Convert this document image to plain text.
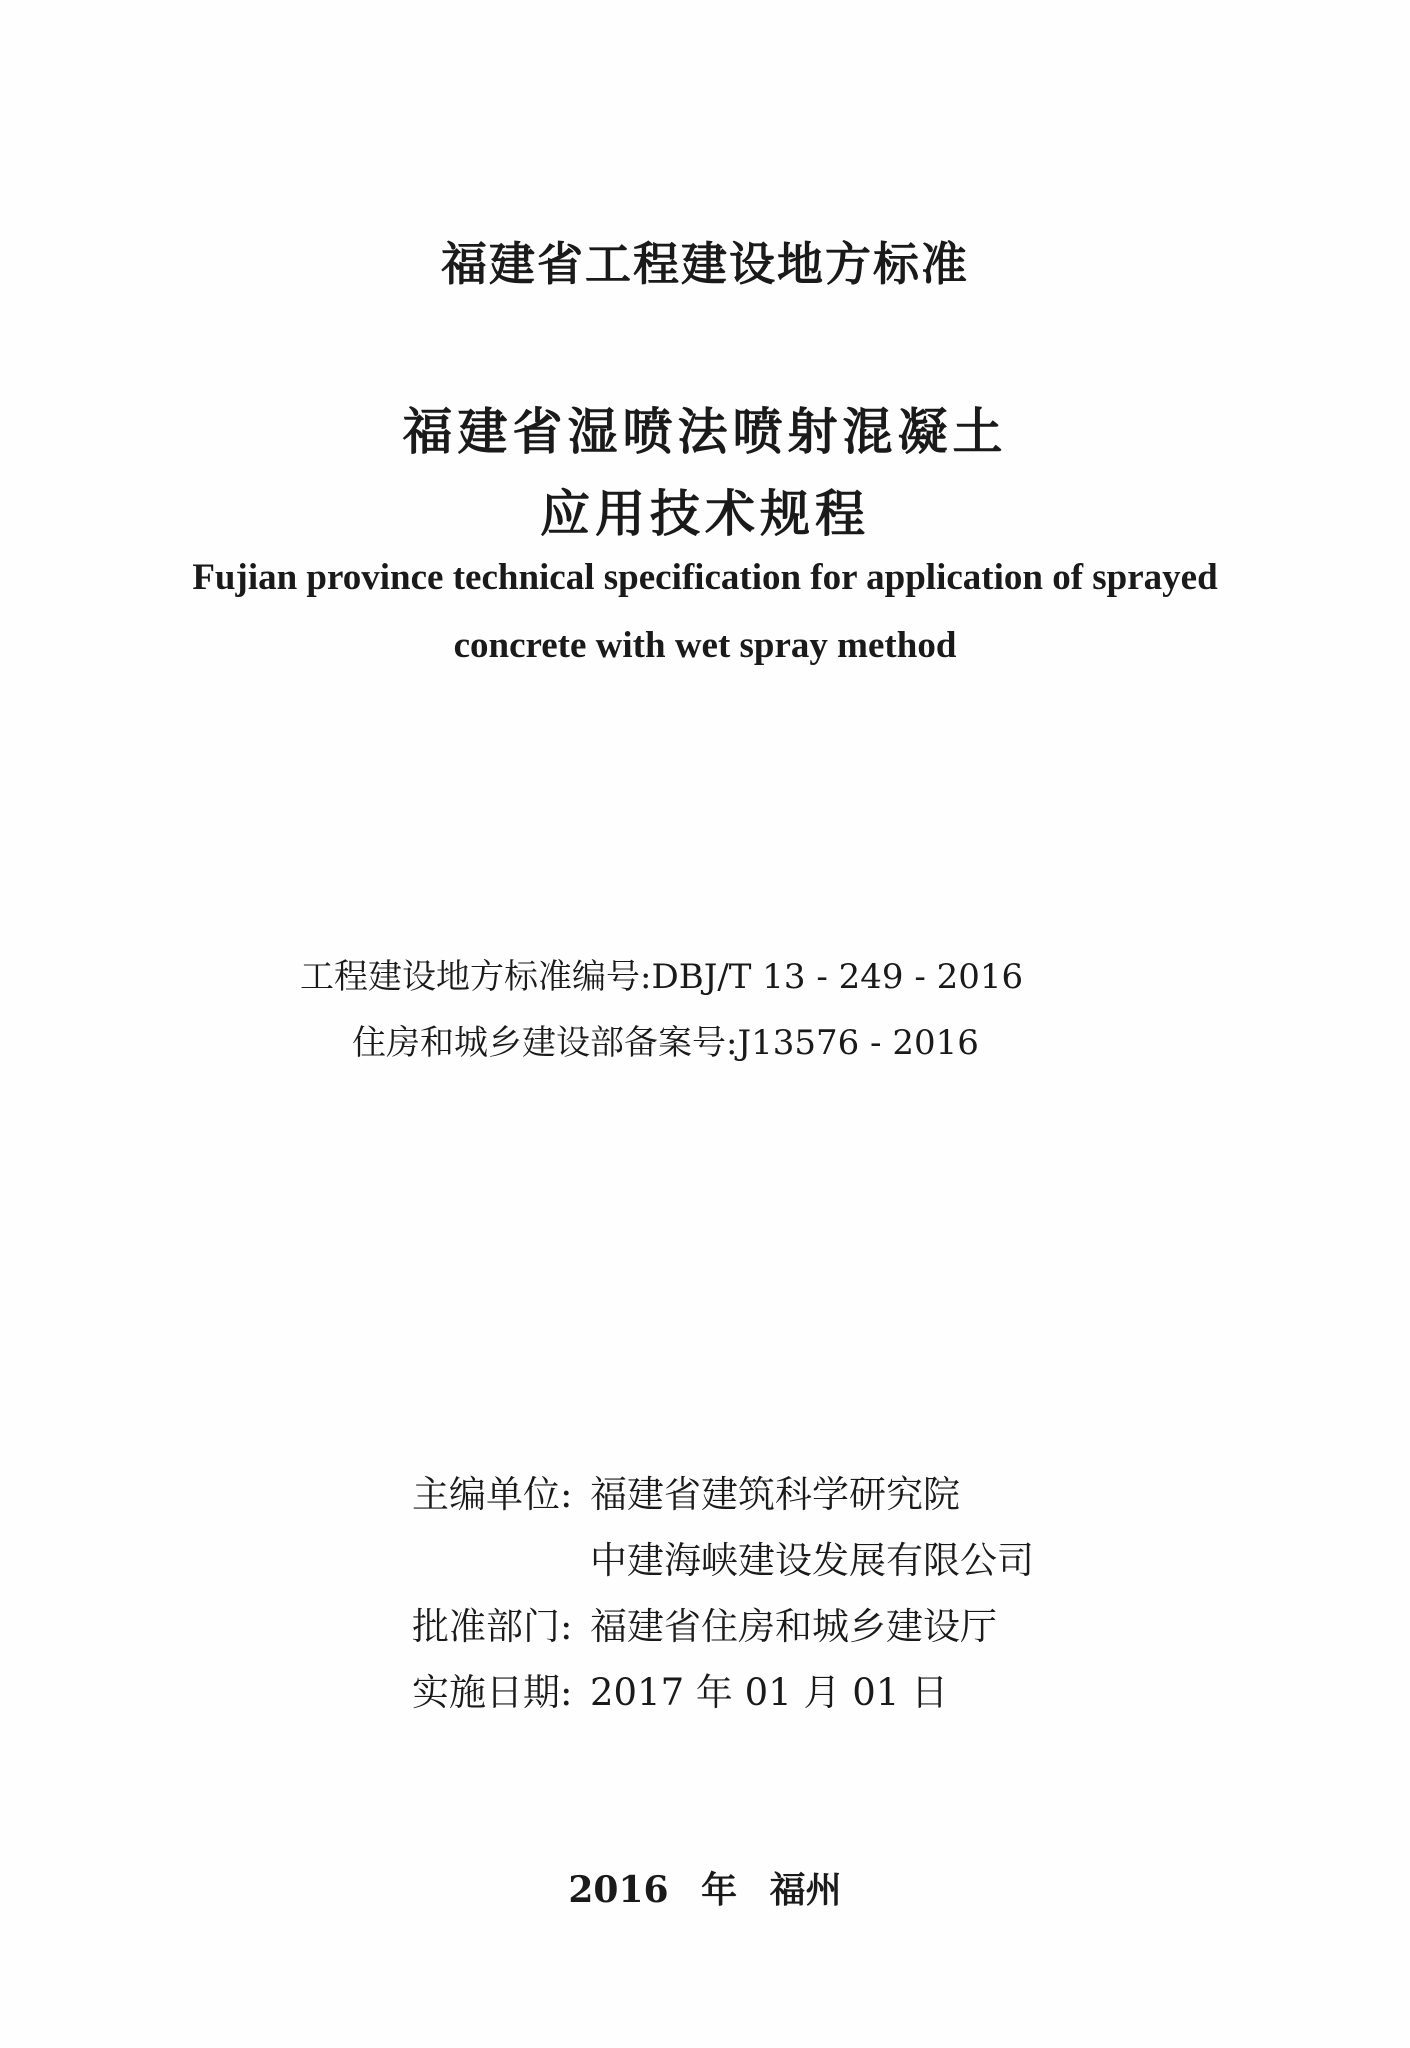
福建省工程建设地方标准
福建省湿喷法喷射混凝土
应用技术规程
Fujian province technical specification for application of sprayed
concrete with wet spray method
工程建设地方标准编号:DBJ/T 13 - 249 - 2016
住房和城乡建设部备案号:J13576 - 2016
主编单位: 福建省建筑科学研究院
中建海峡建设发展有限公司
批准部门: 福建省住房和城乡建设厅
实施日期: 2017 年 01 月 01 日
2016 年 福州
